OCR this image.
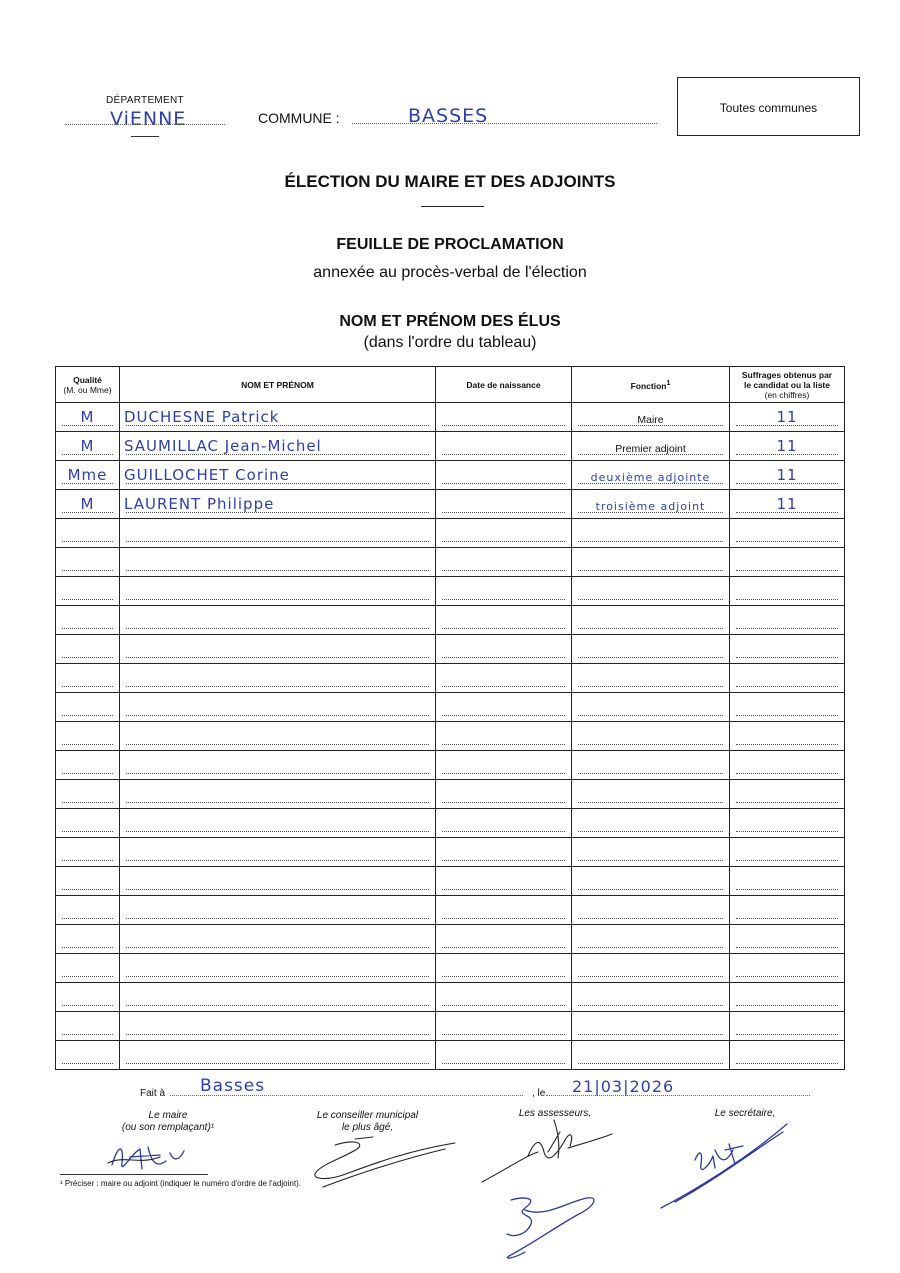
DÉPARTEMENT
ViENNE	COMMUNE :	BASSES	Toutes communes
ÉLECTION DU MAIRE ET DES ADJOINTS
FEUILLE DE PROCLAMATION
annexée au procès-verbal de l'élection
NOM ET PRÉNOM DES ÉLUS
(dans l'ordre du tableau)
Qualité
(M. ou Mme)	NOM ET PRÉNOM	Date de naissance	Fonction$^1$	Suffrages obtenus par
le candidat ou la liste
(en chiffres)

M	DUCHESNE Patrick		Maire	11

M	SAUMILLAC Jean-Michel		Premier adjoint	11

Mme	GUILLOCHET Corine		deuxième adjointe	11

M	LAURENT Philippe		troisième adjoint	11

Fait à Basses	, le 21|03|2026
Le maire
(ou son remplaçant)¹
Le conseiller municipal
le plus âgé,
Les assesseurs,	Le secrétaire,
¹ Préciser : maire ou adjoint (indiquer le numéro d'ordre de l'adjoint).
